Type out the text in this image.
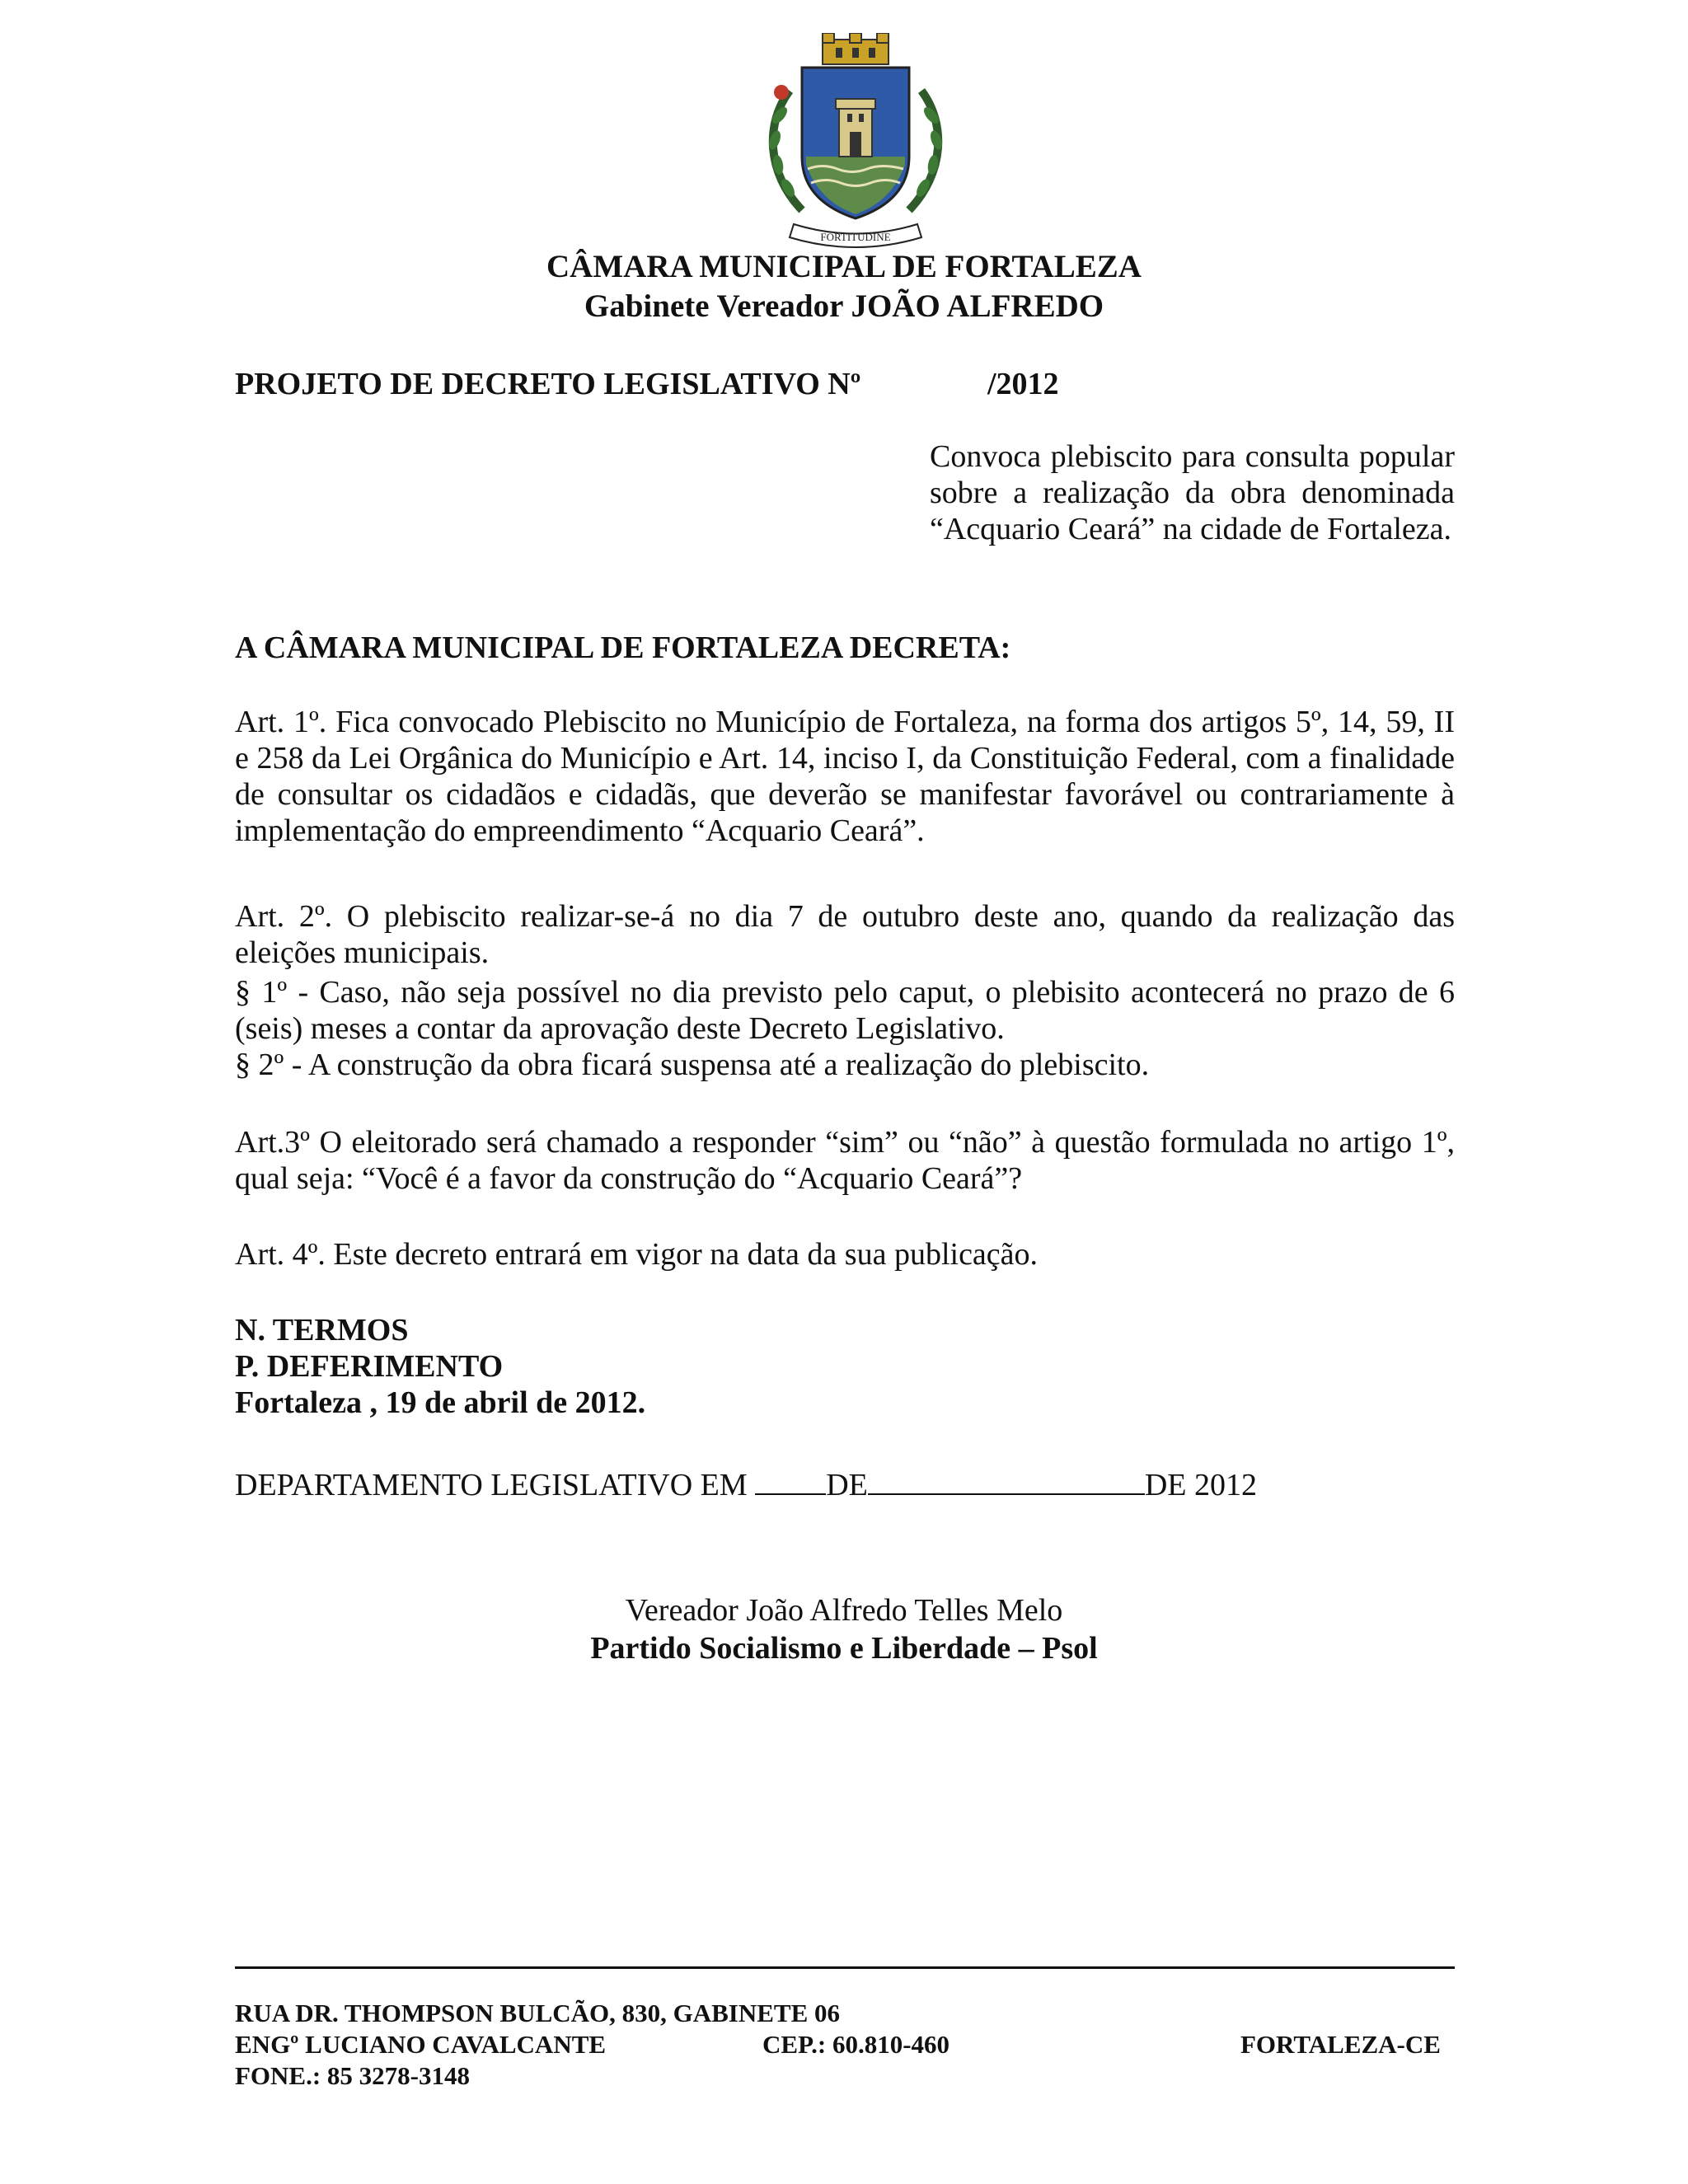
FORTITUDINE
CÂMARA MUNICIPAL DE FORTALEZA
Gabinete Vereador JOÃO ALFREDO
PROJETO DE DECRETO LEGISLATIVO Nº	/2012
Convoca plebiscito para consulta popular sobre a realização da obra denominada “Acquario Ceará” na cidade de Fortaleza.
A CÂMARA MUNICIPAL DE FORTALEZA DECRETA:

Art. 1º. Fica convocado Plebiscito no Município de Fortaleza, na forma dos artigos 5º, 14, 59, II e 258 da Lei Orgânica do Município e Art. 14, inciso I, da Constituição Federal, com a finalidade de consultar os cidadãos e cidadãs, que deverão se manifestar favorável ou contrariamente à implementação do empreendimento “Acquario Ceará”.

Art. 2º. O plebiscito realizar-se-á no dia 7 de outubro deste ano, quando da realização das eleições municipais.

§ 1º - Caso, não seja possível no dia previsto pelo caput, o plebisito acontecerá no prazo de 6 (seis) meses a contar da aprovação deste Decreto Legislativo.

§ 2º - A construção da obra ficará suspensa até a realização do plebiscito.

Art.3º O eleitorado será chamado a responder “sim” ou “não” à questão formulada no artigo 1º, qual seja: “Você é a favor da construção do “Acquario Ceará”?

Art. 4º. Este decreto entrará em vigor na data da sua publicação.

N. TERMOS
P. DEFERIMENTO
Fortaleza , 19 de abril de 2012.
DEPARTAMENTO LEGISLATIVO EM	DE	DE 2012
Vereador João Alfredo Telles Melo
Partido Socialismo e Liberdade – Psol
RUA DR. THOMPSON BULCÃO, 830, GABINETE 06
ENGº LUCIANO CAVALCANTE	CEP.: 60.810-460	FORTALEZA-CE
FONE.: 85 3278-3148
